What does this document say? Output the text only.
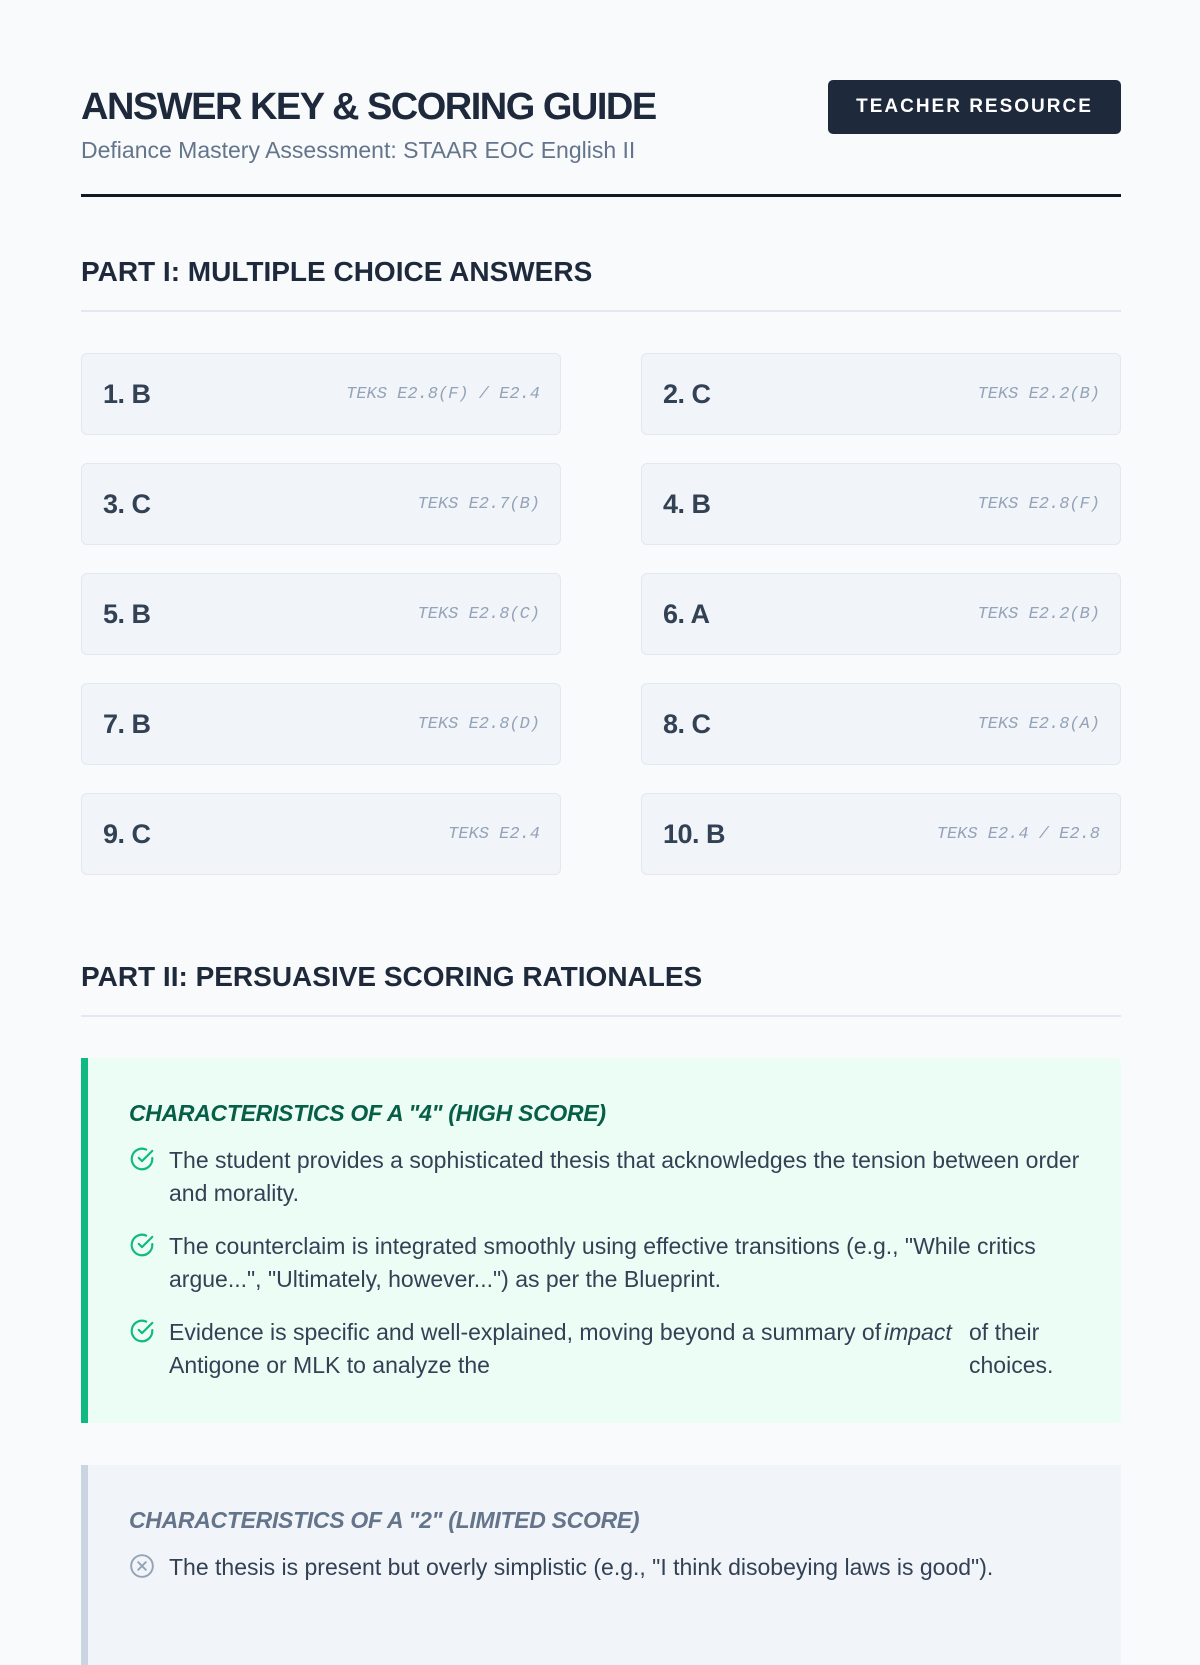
ANSWER KEY & SCORING GUIDE
Defiance Mastery Assessment: STAAR EOC English II
TEACHER RESOURCE
PART I: MULTIPLE CHOICE ANSWERS
1. B	TEKS E2.8(F) / E2.4	2. C	TEKS E2.2(B)
3. C	TEKS E2.7(B)	4. B	TEKS E2.8(F)
5. B	TEKS E2.8(C)	6. A	TEKS E2.2(B)
7. B	TEKS E2.8(D)	8. C	TEKS E2.8(A)
9. C	TEKS E2.4	10. B	TEKS E2.4 / E2.8
PART II: PERSUASIVE SCORING RATIONALES
CHARACTERISTICS OF A "4" (HIGH SCORE)
The student provides a sophisticated thesis that acknowledges the tension between order and morality.
The counterclaim is integrated smoothly using effective transitions (e.g., "While critics argue...", "Ultimately, however...") as per the Blueprint.
Evidence is specific and well-explained, moving beyond a summary of Antigone or MLK to analyze the
impact of their choices.
CHARACTERISTICS OF A "2" (LIMITED SCORE)
The thesis is present but overly simplistic (e.g., "I think disobeying laws is good").
